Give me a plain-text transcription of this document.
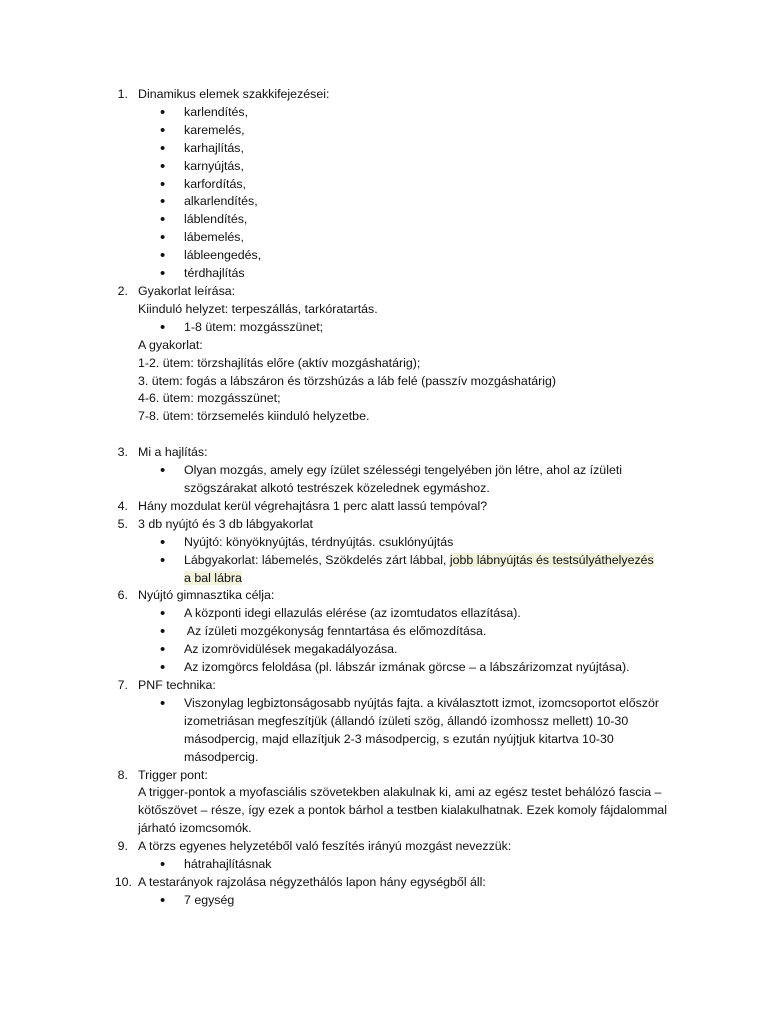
1. Dinamikus elemek szakkifejezései:
• karlendítés,
• karemelés,
• karhajlítás,
• karnyújtás,
• karfordítás,
• alkarlendítés,
• láblendítés,
• lábemelés,
• lábleengedés,
• térdhajlítás
2. Gyakorlat leírása:
Kiinduló helyzet: terpeszállás, tarkóratartás.
• 1-8 ütem: mozgásszünet;
A gyakorlat:
1-2. ütem: törzshajlítás előre (aktív mozgáshatárig);
3. ütem: fogás a lábszáron és törzshúzás a láb felé (passzív mozgáshatárig)
4-6. ütem: mozgásszünet;
7-8. ütem: törzsemelés kiinduló helyzetbe.
3. Mi a hajlítás:
• Olyan mozgás, amely egy ízület szélességi tengelyében jön létre, ahol az ízületi szögszárakat alkotó testrészek közelednek egymáshoz.
4. Hány mozdulat kerül végrehajtásra 1 perc alatt lassú tempóval?
5. 3 db nyújtó és 3 db lábgyakorlat
• Nyújtó: könyöknyújtás, térdnyújtás. csuklónyújtás
• Lábgyakorlat: lábemelés, Szökdelés zárt lábbal, jobb lábnyújtás és testsúlyáthelyezés
a bal lábra
6. Nyújtó gimnasztika célja:
• A központi idegi ellazulás elérése (az izomtudatos ellazítása).
•  Az ízületi mozgékonyság fenntartása és előmozdítása.
• Az izomrövidülések megakadályozása.
• Az izomgörcs feloldása (pl. lábszár izmának görcse – a lábszárizomzat nyújtása).
7. PNF technika:
• Viszonylag legbiztonságosabb nyújtás fajta. a kiválasztott izmot, izomcsoportot először izometriásan megfeszítjük (állandó ízületi szög, állandó izomhossz mellett) 10-30 másodpercig, majd ellazítjuk 2-3 másodpercig, s ezután nyújtjuk kitartva 10-30 másodpercig.
8. Trigger pont:
A trigger-pontok a myofasciális szövetekben alakulnak ki, ami az egész testet behálózó fascia – kötőszövet – része, így ezek a pontok bárhol a testben kialakulhatnak. Ezek komoly fájdalommal járható izomcsomók.
9. A törzs egyenes helyzetéből való feszítés irányú mozgást nevezzük:
• hátrahajlításnak
10. A testarányok rajzolása négyzethálós lapon hány egységből áll:
• 7 egység
